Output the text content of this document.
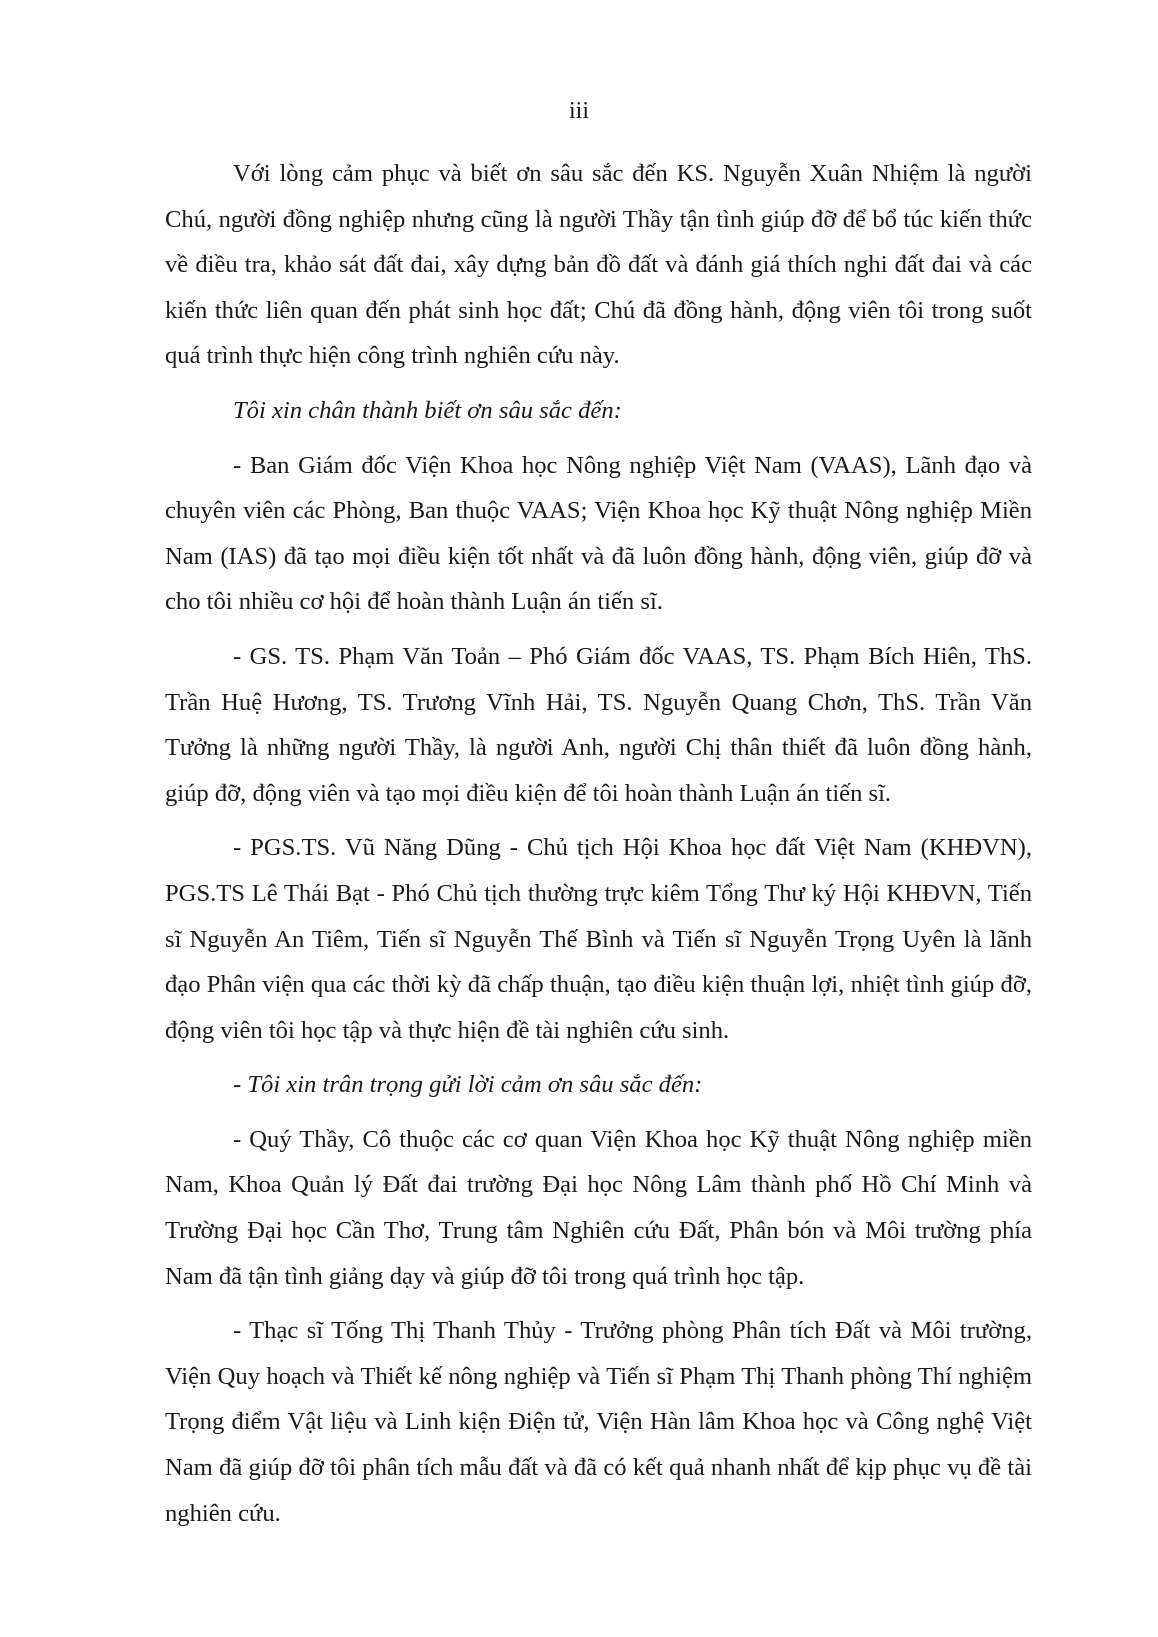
iii

Với lòng cảm phục và biết ơn sâu sắc đến KS. Nguyễn Xuân Nhiệm là người Chú, người đồng nghiệp nhưng cũng là người Thầy tận tình giúp đỡ để bổ túc kiến thức về điều tra, khảo sát đất đai, xây dựng bản đồ đất và đánh giá thích nghi đất đai và các kiến thức liên quan đến phát sinh học đất; Chú đã đồng hành, động viên tôi trong suốt quá trình thực hiện công trình nghiên cứu này.

Tôi xin chân thành biết ơn sâu sắc đến:

- Ban Giám đốc Viện Khoa học Nông nghiệp Việt Nam (VAAS), Lãnh đạo và chuyên viên các Phòng, Ban thuộc VAAS; Viện Khoa học Kỹ thuật Nông nghiệp Miền Nam (IAS) đã tạo mọi điều kiện tốt nhất và đã luôn đồng hành, động viên, giúp đỡ và cho tôi nhiều cơ hội để hoàn thành Luận án tiến sĩ.

- GS. TS. Phạm Văn Toản – Phó Giám đốc VAAS, TS. Phạm Bích Hiên, ThS. Trần Huệ Hương, TS. Trương Vĩnh Hải, TS. Nguyễn Quang Chơn, ThS. Trần Văn Tưởng là những người Thầy, là người Anh, người Chị thân thiết đã luôn đồng hành, giúp đỡ, động viên và tạo mọi điều kiện để tôi hoàn thành Luận án tiến sĩ.

- PGS.TS. Vũ Năng Dũng - Chủ tịch Hội Khoa học đất Việt Nam (KHĐVN), PGS.TS Lê Thái Bạt - Phó Chủ tịch thường trực kiêm Tổng Thư ký Hội KHĐVN, Tiến sĩ Nguyễn An Tiêm, Tiến sĩ Nguyễn Thế Bình và Tiến sĩ Nguyễn Trọng Uyên là lãnh đạo Phân viện qua các thời kỳ đã chấp thuận, tạo điều kiện thuận lợi, nhiệt tình giúp đỡ, động viên tôi học tập và thực hiện đề tài nghiên cứu sinh.

- Tôi xin trân trọng gửi lời cảm ơn sâu sắc đến:

- Quý Thầy, Cô thuộc các cơ quan Viện Khoa học Kỹ thuật Nông nghiệp miền Nam, Khoa Quản lý Đất đai trường Đại học Nông Lâm thành phố Hồ Chí Minh và Trường Đại học Cần Thơ, Trung tâm Nghiên cứu Đất, Phân bón và Môi trường phía Nam đã tận tình giảng dạy và giúp đỡ tôi trong quá trình học tập.

- Thạc sĩ Tống Thị Thanh Thủy - Trưởng phòng Phân tích Đất và Môi trường, Viện Quy hoạch và Thiết kế nông nghiệp và Tiến sĩ Phạm Thị Thanh phòng Thí nghiệm Trọng điểm Vật liệu và Linh kiện Điện tử, Viện Hàn lâm Khoa học và Công nghệ Việt Nam đã giúp đỡ tôi phân tích mẫu đất và đã có kết quả nhanh nhất để kịp phục vụ đề tài nghiên cứu.
